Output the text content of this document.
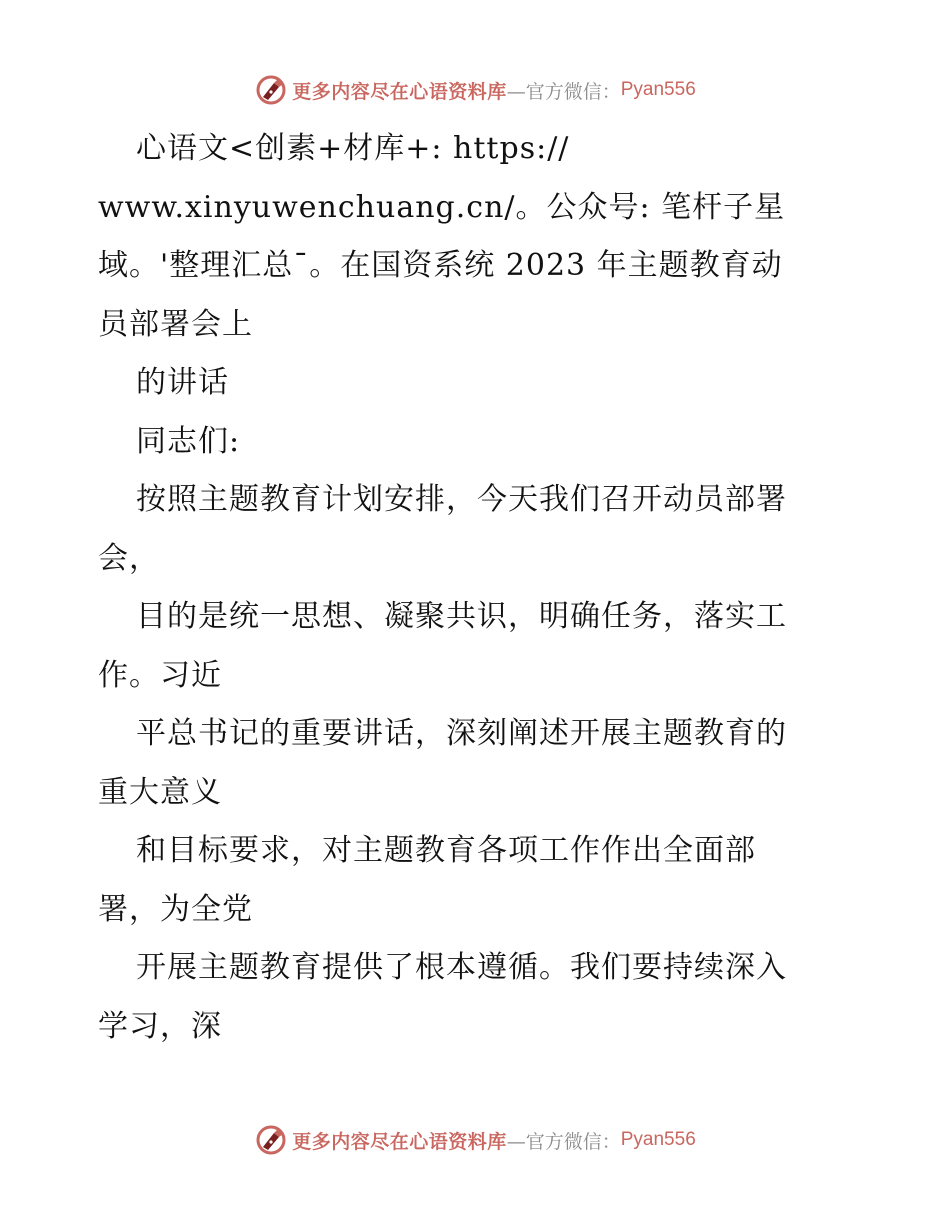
更多内容尽在心语资料库 —官方微信： Pyan556
心语文<创素+材库+: https://
www.xinyuwenchuang.cn/。公众号: 笔杆子星
域。'整理汇总¯。在国资系统 2023 年主题教育动
员部署会上
的讲话
同志们:
按照主题教育计划安排，今天我们召开动员部署
会，
目的是统一思想、凝聚共识，明确任务，落实工
作。习近
平总书记的重要讲话，深刻阐述开展主题教育的
重大意义
和目标要求，对主题教育各项工作作出全面部
署，为全党
开展主题教育提供了根本遵循。我们要持续深入
学习，深
更多内容尽在心语资料库 —官方微信： Pyan556
